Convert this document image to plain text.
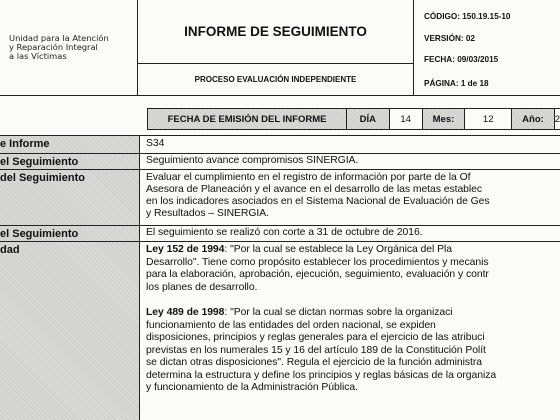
Unidad para la Atención
y Reparación Integral
a las Víctimas
INFORME DE SEGUIMIENTO
PROCESO EVALUACIÓN INDEPENDIENTE
CÓDIGO: 150.19.15-10
VERSIÓN: 02
FECHA: 09/03/2015
PÁGINA: 1 de 18
FECHA DE EMISIÓN DEL INFORME	DÍA	14	Mes:	12	Año:	2
e Informe	S34
el Seguimiento	Seguimiento avance compromisos SINERGIA.
del Seguimiento	Evaluar el cumplimiento en el registro de información por parte de la Of
Asesora de Planeación y el avance en el desarrollo de las metas establec
en los indicadores asociados en el Sistema Nacional de Evaluación de Ges
y Resultados – SINERGIA.
el Seguimiento	El seguimiento se realizó con corte a 31 de octubre de 2016.
dad	Ley 152 de 1994: "Por la cual se establece la Ley Orgánica del Pla
Desarrollo". Tiene como propósito establecer los procedimientos y mecanis
para la elaboración, aprobación, ejecución, seguimiento, evaluación y contr
los planes de desarrollo.
Ley 489 de 1998: "Por la cual se dictan normas sobre la organizaci
funcionamiento de las entidades del orden nacional, se expiden
disposiciones, principios y reglas generales para el ejercicio de las atribuci
previstas en los numerales 15 y 16 del artículo 189 de la Constitución Polít
se dictan otras disposiciones". Regula el ejercicio de la función administra
determina la estructura y define los principios y reglas básicas de la organiza
y funcionamiento de la Administración Pública.
